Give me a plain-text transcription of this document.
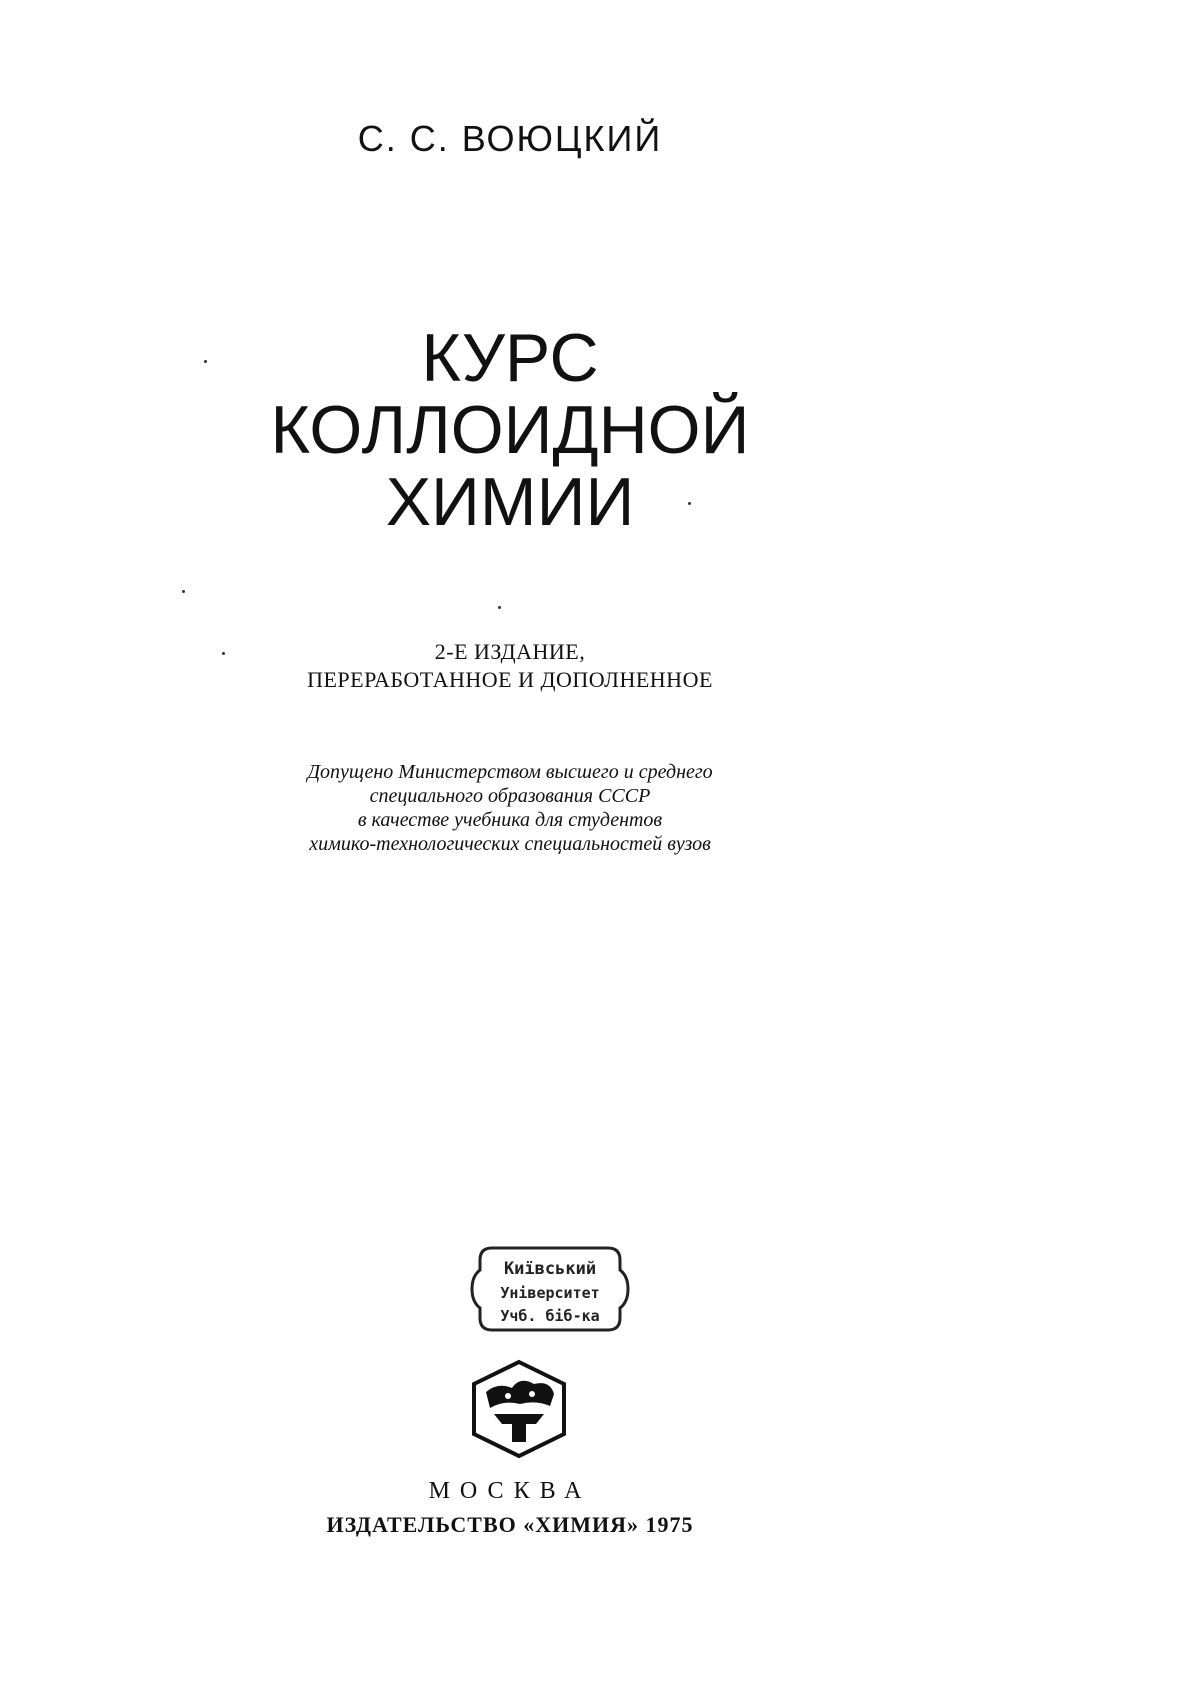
С. С. ВОЮЦКИЙ
КУРС
КОЛЛОИДНОЙ
ХИМИИ
2-Е ИЗДАНИЕ,
ПЕРЕРАБОТАННОЕ И ДОПОЛНЕННОЕ
Допущено Министерством высшего и среднего
специального образования СССР
в качестве учебника для студентов
химико-технологических специальностей вузов
Київський
Університет
Учб. біб-ка
МОСКВА
ИЗДАТЕЛЬСТВО «ХИМИЯ» 1975
